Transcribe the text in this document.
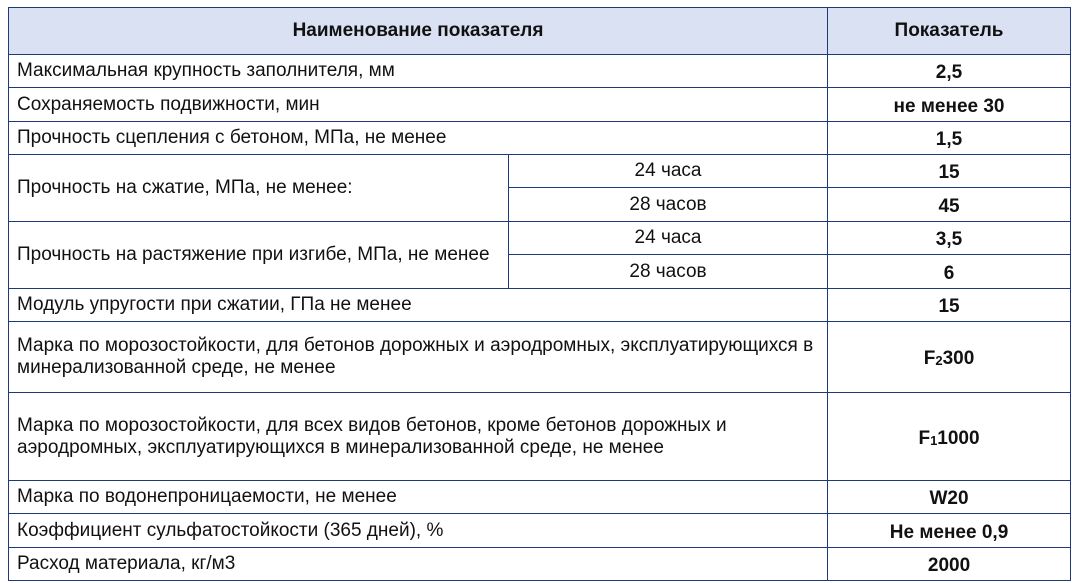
Наименование показателя		Показатель
Максимальная крупность заполнителя, мм		2,5
Сохраняемость подвижности, мин		не менее 30
Прочность сцепления с бетоном, МПа, не менее		1,5
Прочность на сжатие, МПа, не менее:	24 часа	15
	28 часов	45
Прочность на растяжение при изгибе, МПа, не менее	24 часа	3,5
	28 часов	6
Модуль упругости при сжатии, ГПа не менее		15
Марка по морозостойкости, для бетонов дорожных и аэродромных, эксплуатирующихся в минерализованной среде, не менее		$F_2300$
Марка по морозостойкости, для всех видов бетонов, кроме бетонов дорожных и аэродромных, эксплуатирующихся в минерализованной среде, не менее		$F_11000$
Марка по водонепроницаемости, не менее		W20
Коэффициент сульфатостойкости (365 дней), %		Не менее 0,9
Расход материала, кг/м3		2000
